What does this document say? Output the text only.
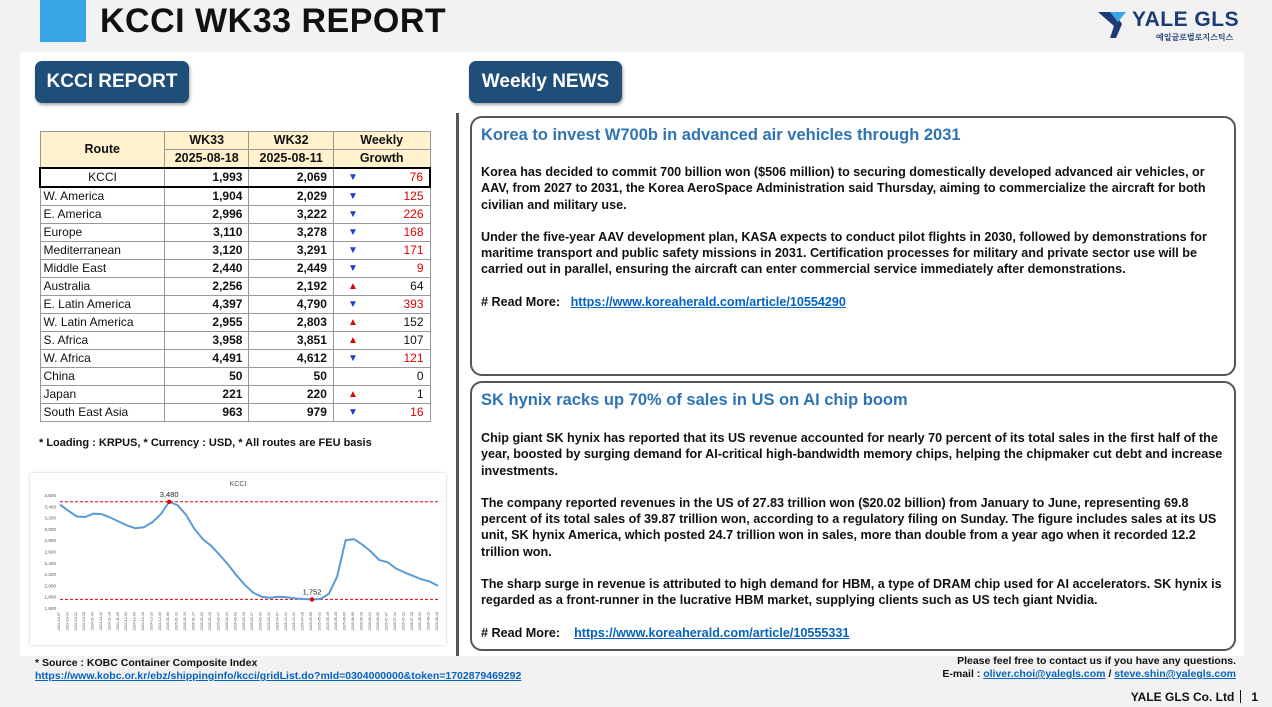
KCCI WK33 REPORT	YALE GLS
예일글로벌로지스틱스
KCCI REPORT	Weekly NEWS
Route	WK33	WK32	Weekly
	2025-08-18	2025-08-11	Growth
KCCI	1,993	2,069	▼ 76

W. America	1,904	2,029	▼ 125

E. America	2,996	3,222	▼ 226

Europe	3,110	3,278	▼ 168

Mediterranean	3,120	3,291	▼ 171

Middle East	2,440	2,449	▼ 9

Australia	2,256	2,192	▲ 64

E. Latin America	4,397	4,790	▼ 393

W. Latin America	2,955	2,803	▲ 152

S. Africa	3,958	3,851	▲ 107

W. Africa	4,491	4,612	▼ 121

China	50	50	0

Japan	221	220	▲ 1

South East Asia	963	979	▼ 16
* Loading : KRPUS, * Currency : USD, * All routes are FEU basis
KCCI
3,600
3,400
3,200
3,000
2,800
2,600
2,400
2,200
2,000
1,800
1,600
3,480
1,752
2024-10-07 2024-10-14 2024-10-21 2024-10-28 2024-11-04 2024-11-11 2024-11-18 2024-11-25 2024-12-02 2024-12-09 2024-12-16 2024-12-23 2024-12-30 2025-01-06 2025-01-13 2025-01-20 2025-01-27 2025-02-03 2025-02-10 2025-02-17 2025-02-24 2025-03-03 2025-03-10 2025-03-17 2025-03-24 2025-03-31 2025-04-07 2025-04-14 2025-04-21 2025-04-28 2025-05-05 2025-05-12 2025-05-19 2025-05-26 2025-06-02 2025-06-09 2025-06-16 2025-06-23 2025-06-30 2025-07-07 2025-07-14 2025-07-21 2025-07-28 2025-08-04 2025-08-11 2025-08-18
Korea to invest W700b in advanced air vehicles through 2031

Korea has decided to commit 700 billion won ($506 million) to securing domestically developed advanced air vehicles, or AAV, from 2027 to 2031, the Korea AeroSpace Administration said Thursday, aiming to commercialize the aircraft for both civilian and military use.

Under the five-year AAV development plan, KASA expects to conduct pilot flights in 2030, followed by demonstrations for maritime transport and public safety missions in 2031. Certification processes for military and private sector use will be carried out in parallel, ensuring the aircraft can enter commercial service immediately after demonstrations.

# Read More: https://www.koreaherald.com/article/10554290
SK hynix racks up 70% of sales in US on AI chip boom

Chip giant SK hynix has reported that its US revenue accounted for nearly 70 percent of its total sales in the first half of the year, boosted by surging demand for AI-critical high-bandwidth memory chips, helping the chipmaker cut debt and increase investments.

The company reported revenues in the US of 27.83 trillion won ($20.02 billion) from January to June, representing 69.8 percent of its total sales of 39.87 trillion won, according to a regulatory filing on Sunday. The figure includes sales at its US unit, SK hynix America, which posted 24.7 trillion won in sales, more than double from a year ago when it recorded 12.2 trillion won.

The sharp surge in revenue is attributed to high demand for HBM, a type of DRAM chip used for AI accelerators. SK hynix is regarded as a front-runner in the lucrative HBM market, supplying clients such as US tech giant Nvidia.

# Read More: https://www.koreaherald.com/article/10555331
* Source : KOBC Container Composite Index
https://www.kobc.or.kr/ebz/shippinginfo/kcci/gridList.do?mId=0304000000&token=1702879469292
Please feel free to contact us if you have any questions.
E-mail : oliver.choi@yalegls.com / steve.shin@yalegls.com
YALE GLS Co. Ltd 1
